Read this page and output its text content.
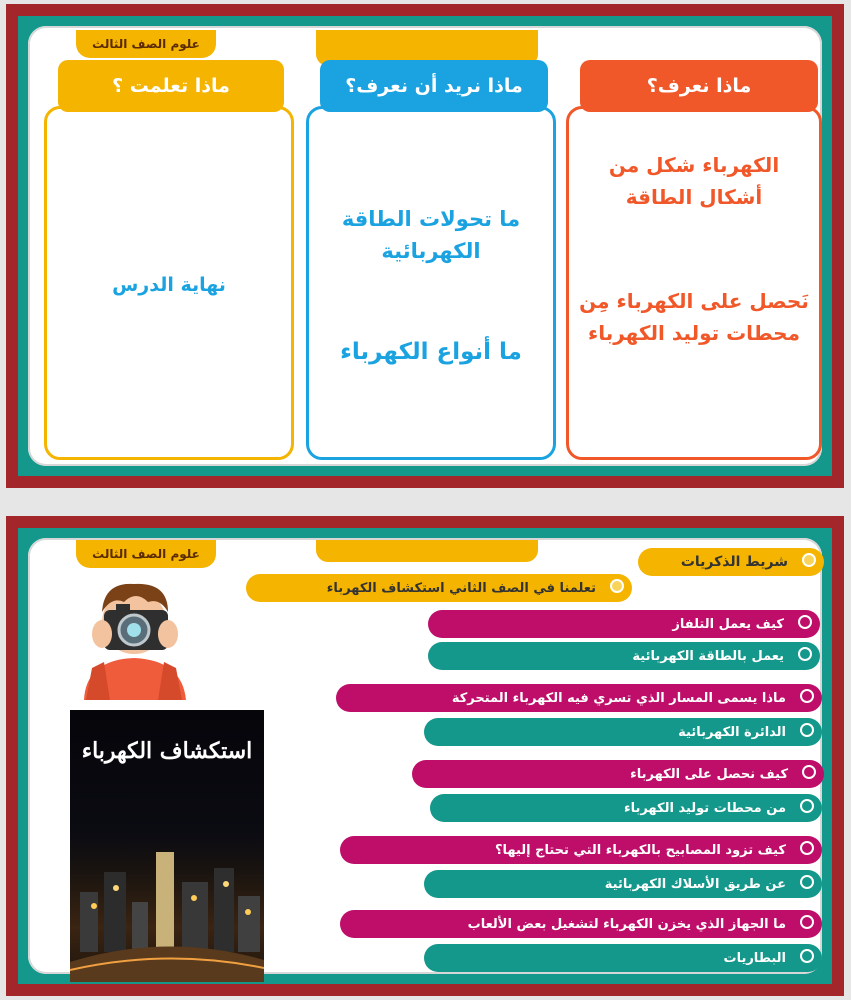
علوم الصف الثالث
نهاية الدرس
ماذا تعلمت ؟
ما تحولات الطاقة
الكهربائية
ما أنواع الكهرباء
ماذا نريد أن نعرف؟
الكهرباء شكل من
أشكال الطاقة
نَحصل على الكهرباء مِن
محطات توليد الكهرباء
ماذا نعرف؟
علوم الصف الثالث	شريط الذكريات
تعلمنا في الصف الثاني استكشاف الكهرباء
استكشاف الكهرباء
كيف يعمل التلفاز
يعمل بالطاقة الكهربائية
ماذا يسمى المسار الذي تسري فيه الكهرباء المتحركة
الدائرة الكهربائية
كيف نحصل على الكهرباء
من محطات توليد الكهرباء
كيف تزود المصابيح بالكهرباء التي تحتاج إليها؟
عن طريق الأسلاك الكهربائية
ما الجهاز الذي يخزن الكهرباء لتشغيل بعض الألعاب
البطاريات
